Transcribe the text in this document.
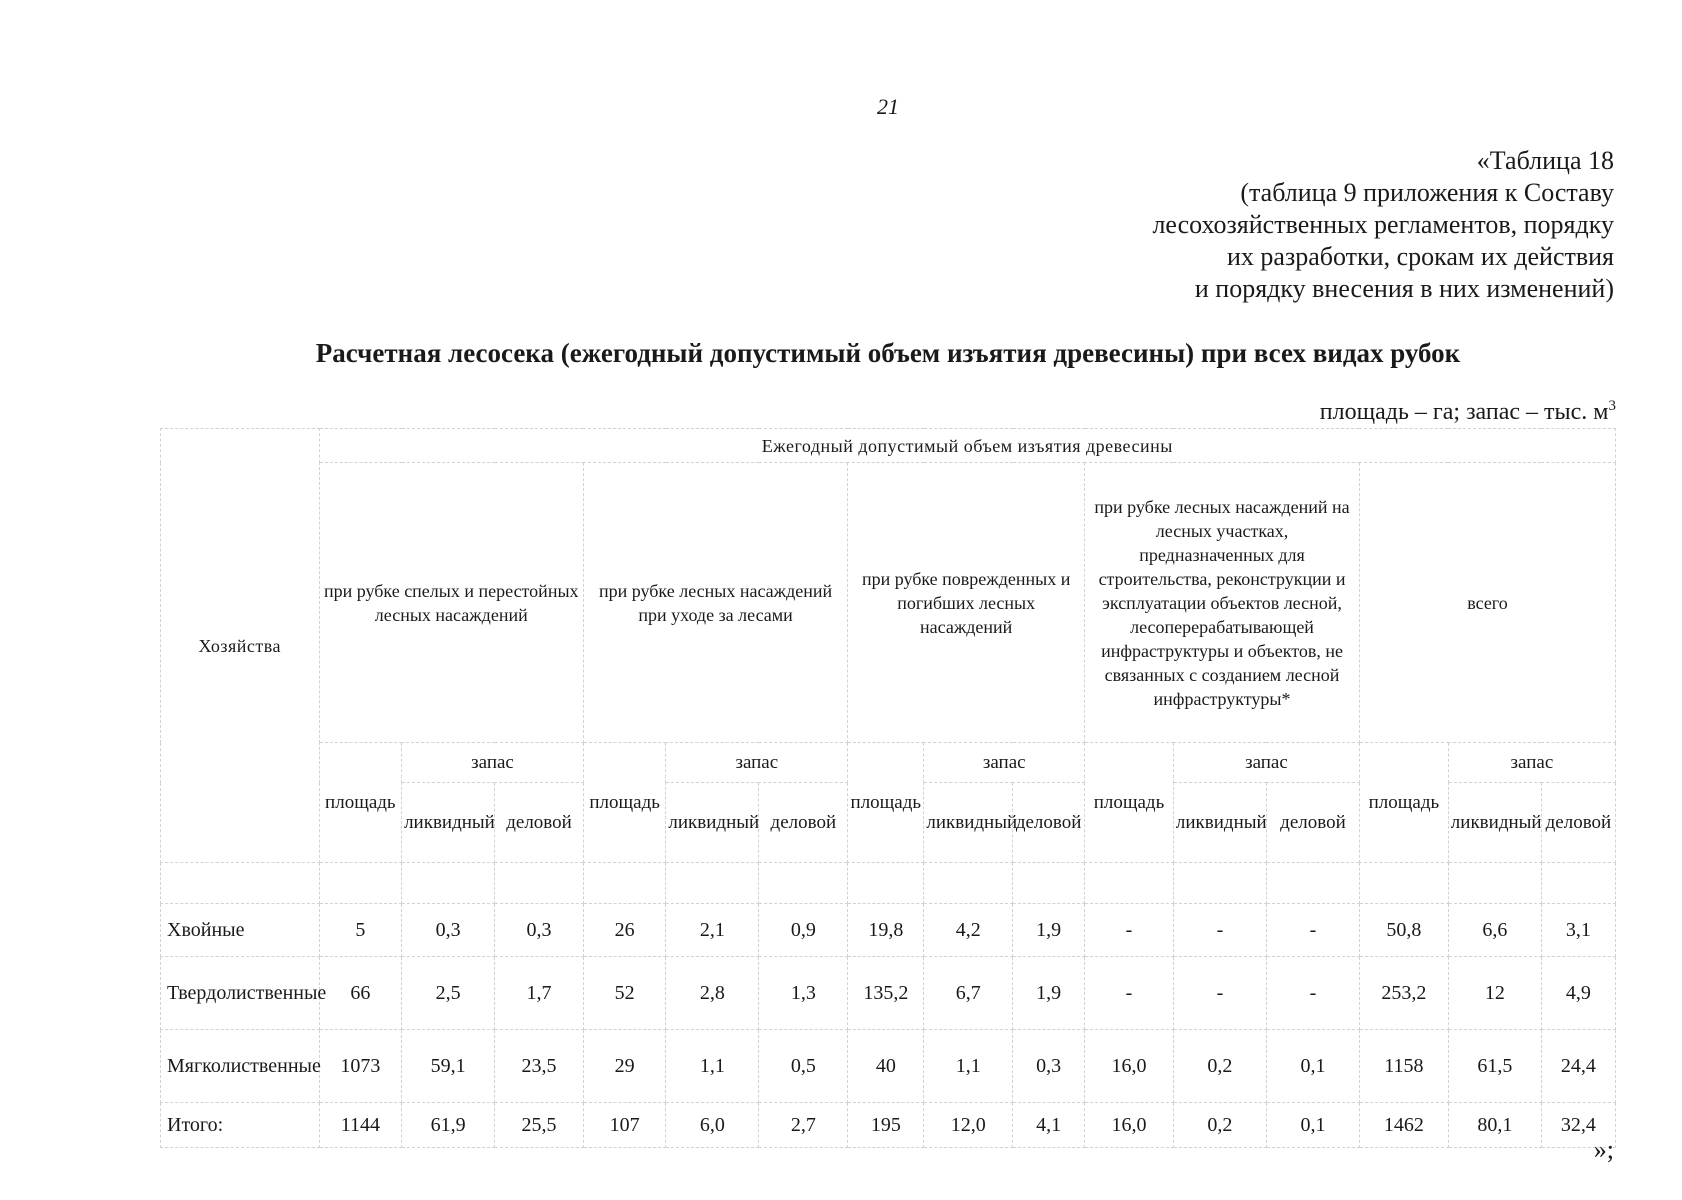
21
«Таблица 18
(таблица 9 приложения к Составу
лесохозяйственных регламентов, порядку
их разработки, срокам их действия
и порядку внесения в них изменений)
Расчетная лесосека (ежегодный допустимый объем изъятия древесины) при всех видах рубок
площадь – га; запас – тыс. $м^3$
Хозяйства	Ежегодный допустимый объем изъятия древесины														
	при рубке спелых и перестойных лесных насаждений			при рубке лесных насаждений при уходе за лесами			при рубке поврежденных и погибших лесных насаждений			при рубке лесных насаждений на лесных участках, предназначенных для строительства, реконструкции и эксплуатации объектов лесной, лесоперерабатывающей инфраструктуры и объектов, не связанных с созданием лесной инфраструктуры*			всего		
	площадь	запас		площадь	запас		площадь	запас		площадь	запас		площадь	запас	
		ликвидный	деловой		ликвидный	деловой		ликвидный	деловой		ликвидный	деловой		ликвидный	деловой

Хвойные	5	0,3	0,3	26	2,1	0,9	19,8	4,2	1,9	-	-	-	50,8	6,6	3,1
Твердолиственные	66	2,5	1,7	52	2,8	1,3	135,2	6,7	1,9	-	-	-	253,2	12	4,9
Мягколиственные	1073	59,1	23,5	29	1,1	0,5	40	1,1	0,3	16,0	0,2	0,1	1158	61,5	24,4
Итого:	1144	61,9	25,5	107	6,0	2,7	195	12,0	4,1	16,0	0,2	0,1	1462	80,1	32,4
»;
